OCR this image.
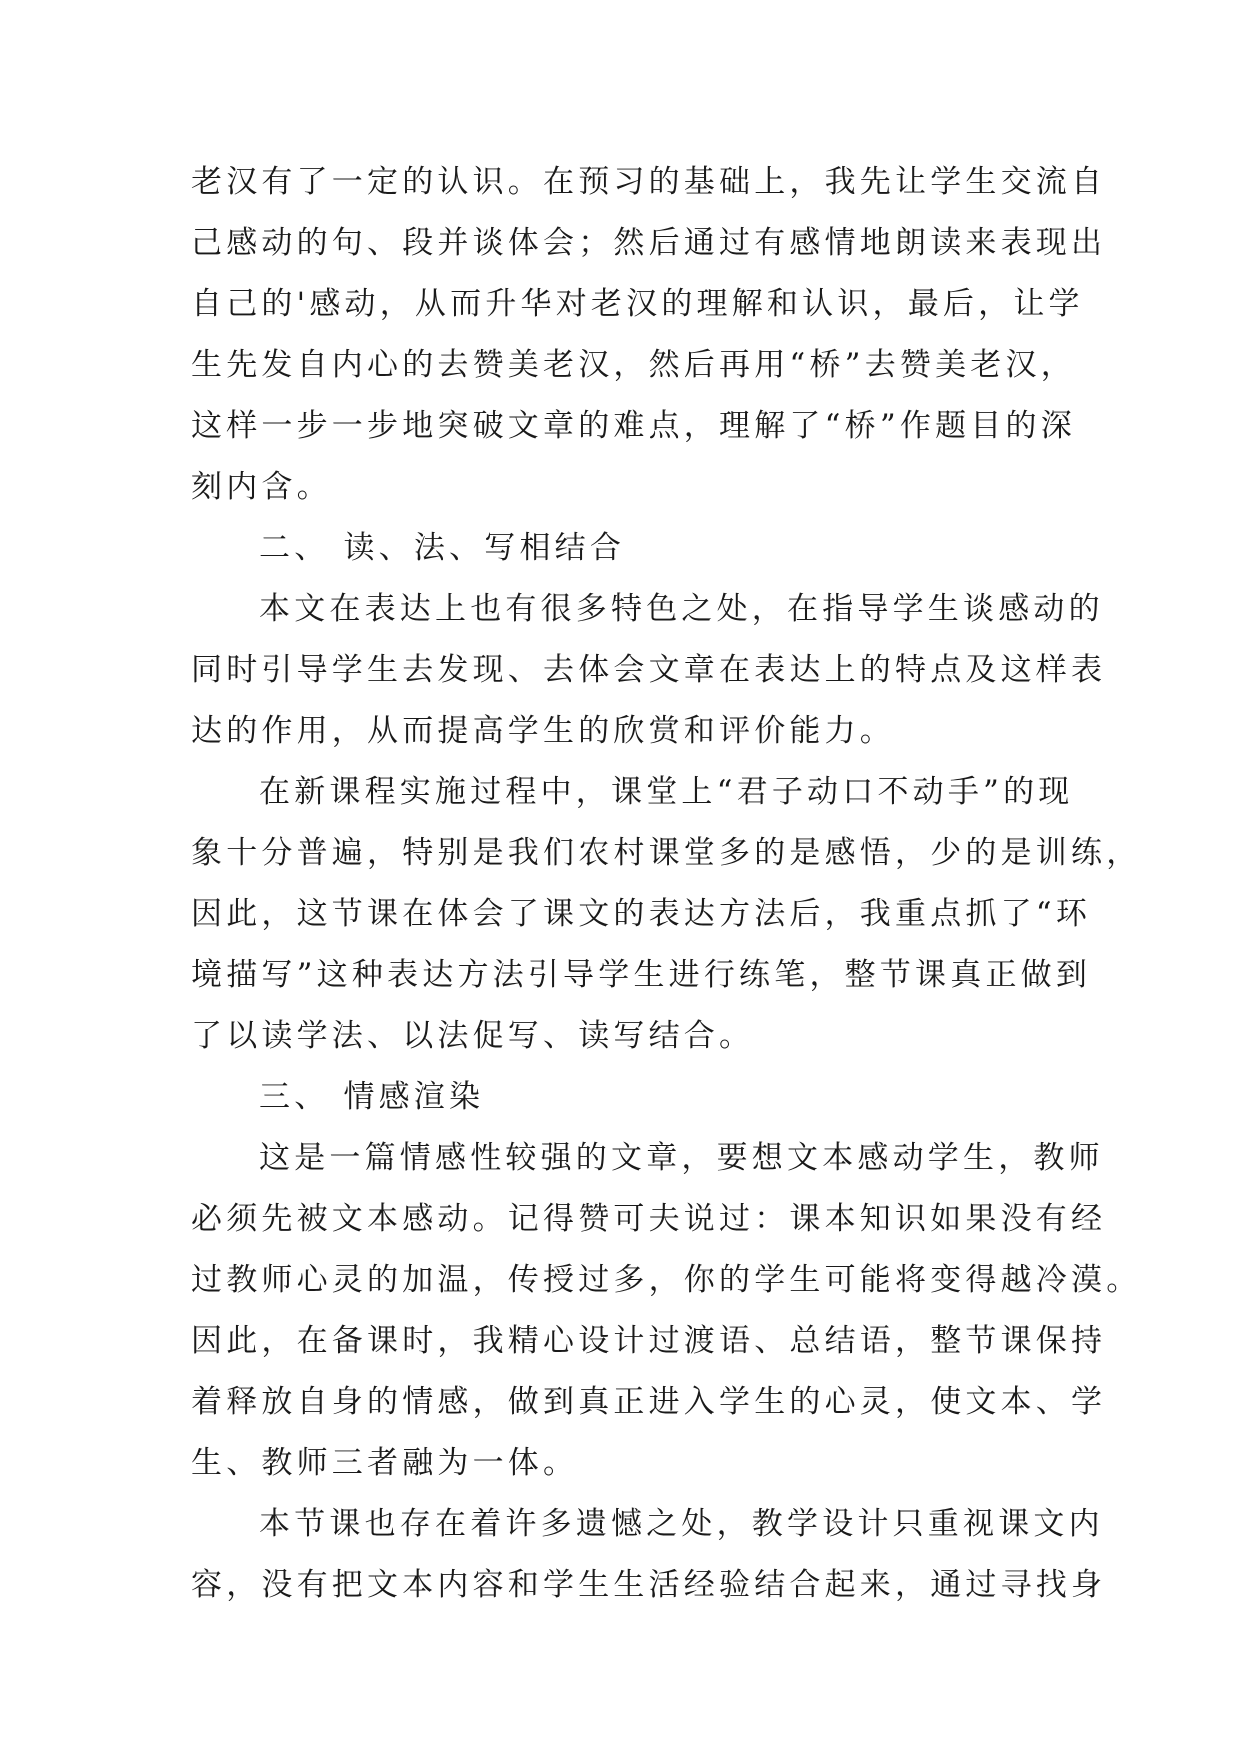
老汉有了一定的认识。在预习的基础上，我先让学生交流自
己感动的句、段并谈体会；然后通过有感情地朗读来表现出
自己的'感动，从而升华对老汉的理解和认识，最后，让学
生先发自内心的去赞美老汉，然后再用“桥”去赞美老汉，
这样一步一步地突破文章的难点，理解了“桥”作题目的深
刻内含。
二、 读、法、写相结合
本文在表达上也有很多特色之处，在指导学生谈感动的
同时引导学生去发现、去体会文章在表达上的特点及这样表
达的作用，从而提高学生的欣赏和评价能力。
在新课程实施过程中，课堂上“君子动口不动手”的现
象十分普遍，特别是我们农村课堂多的是感悟，少的是训练，
因此，这节课在体会了课文的表达方法后，我重点抓了“环
境描写”这种表达方法引导学生进行练笔，整节课真正做到
了以读学法、以法促写、读写结合。
三、 情感渲染
这是一篇情感性较强的文章，要想文本感动学生，教师
必须先被文本感动。记得赞可夫说过：课本知识如果没有经
过教师心灵的加温，传授过多，你的学生可能将变得越冷漠。
因此，在备课时，我精心设计过渡语、总结语，整节课保持
着释放自身的情感，做到真正进入学生的心灵，使文本、学
生、教师三者融为一体。
本节课也存在着许多遗憾之处，教学设计只重视课文内
容，没有把文本内容和学生生活经验结合起来，通过寻找身
